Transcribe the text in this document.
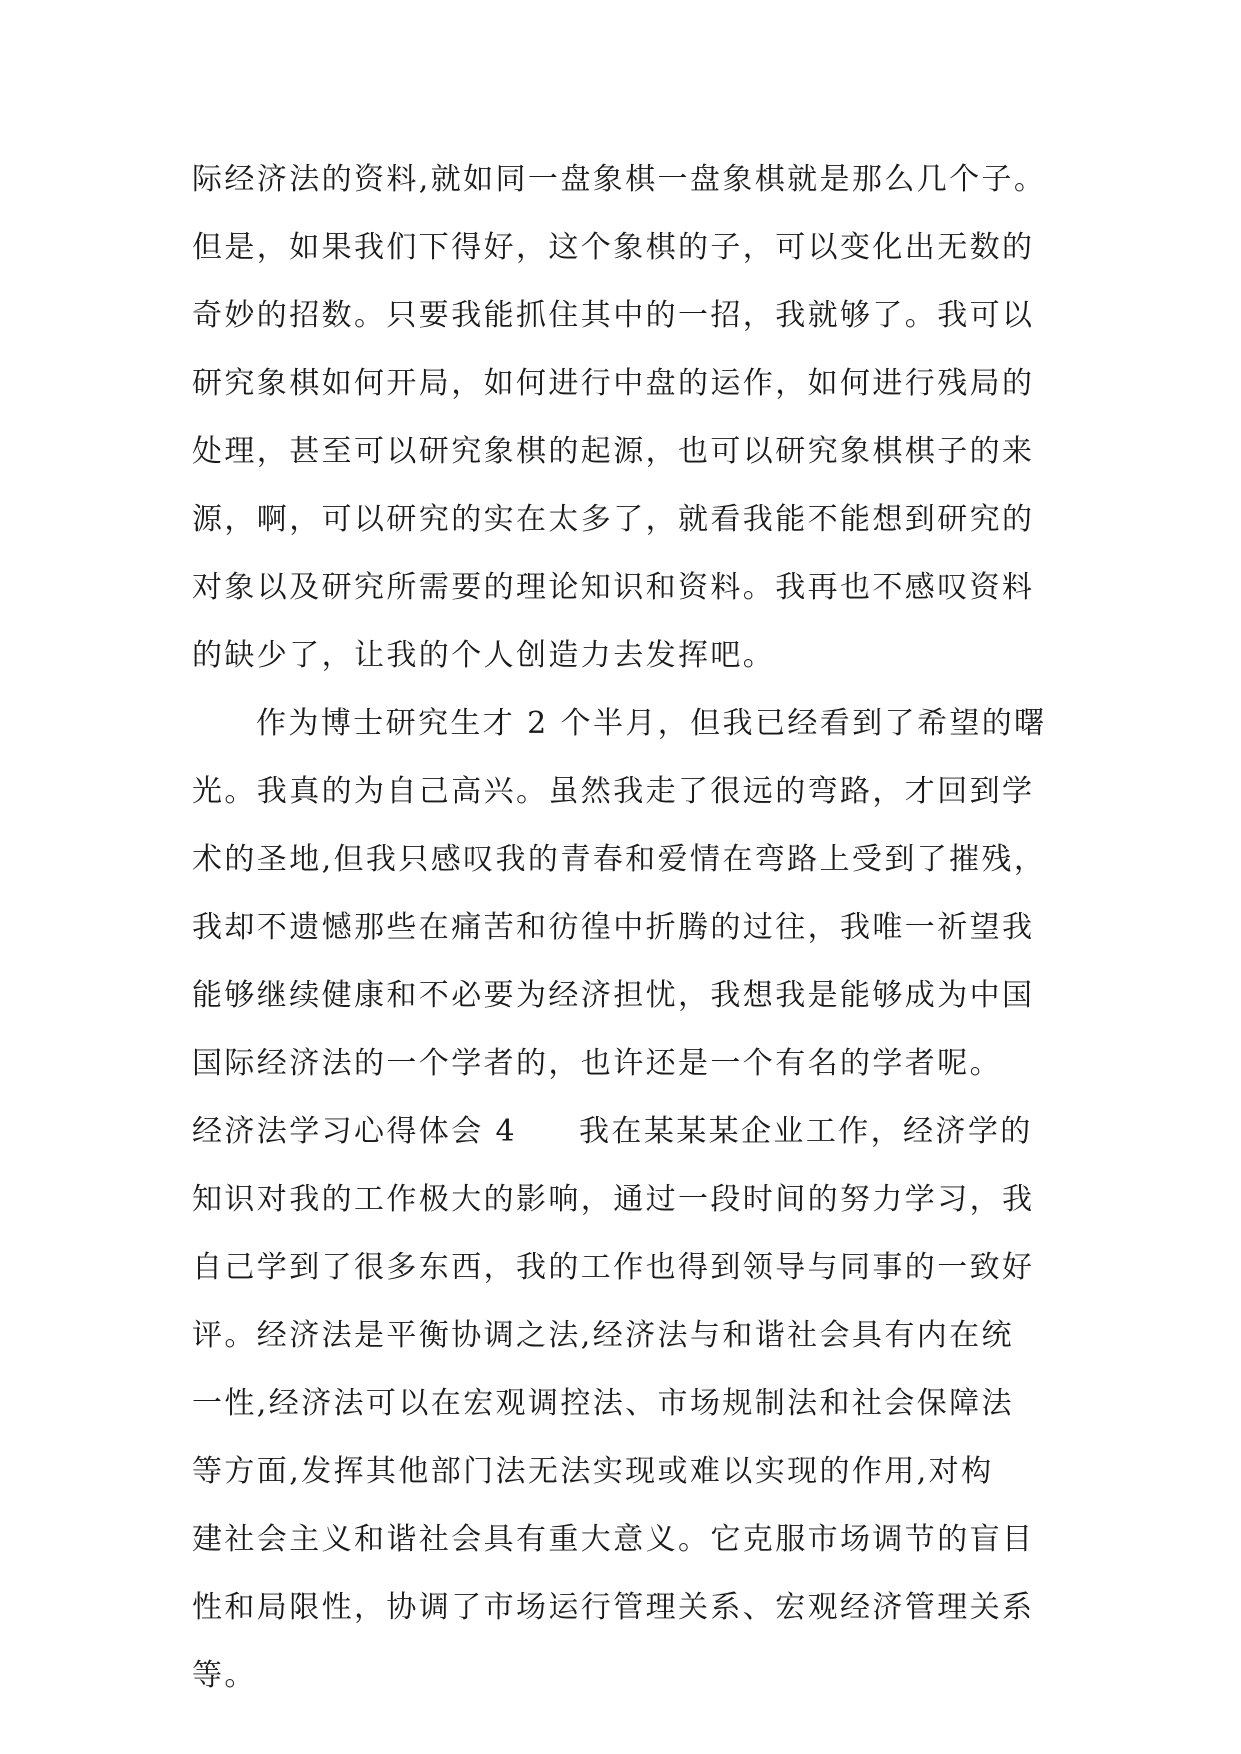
际经济法的资料,就如同一盘象棋一盘象棋就是那么几个子。
但是，如果我们下得好，这个象棋的子，可以变化出无数的
奇妙的招数。只要我能抓住其中的一招，我就够了。我可以
研究象棋如何开局，如何进行中盘的运作，如何进行残局的
处理，甚至可以研究象棋的起源，也可以研究象棋棋子的来
源，啊，可以研究的实在太多了，就看我能不能想到研究的
对象以及研究所需要的理论知识和资料。我再也不感叹资料
的缺少了，让我的个人创造力去发挥吧。
作为博士研究生才 2 个半月，但我已经看到了希望的曙
光。我真的为自己高兴。虽然我走了很远的弯路，才回到学
术的圣地,但我只感叹我的青春和爱情在弯路上受到了摧残，
我却不遗憾那些在痛苦和彷徨中折腾的过往，我唯一祈望我
能够继续健康和不必要为经济担忧，我想我是能够成为中国
国际经济法的一个学者的，也许还是一个有名的学者呢。
经济法学习心得体会 4 我在某某某企业工作，经济学的
知识对我的工作极大的影响，通过一段时间的努力学习，我
自己学到了很多东西，我的工作也得到领导与同事的一致好
评。经济法是平衡协调之法,经济法与和谐社会具有内在统
一性,经济法可以在宏观调控法、市场规制法和社会保障法
等方面,发挥其他部门法无法实现或难以实现的作用,对构
建社会主义和谐社会具有重大意义。它克服市场调节的盲目
性和局限性，协调了市场运行管理关系、宏观经济管理关系
等。
